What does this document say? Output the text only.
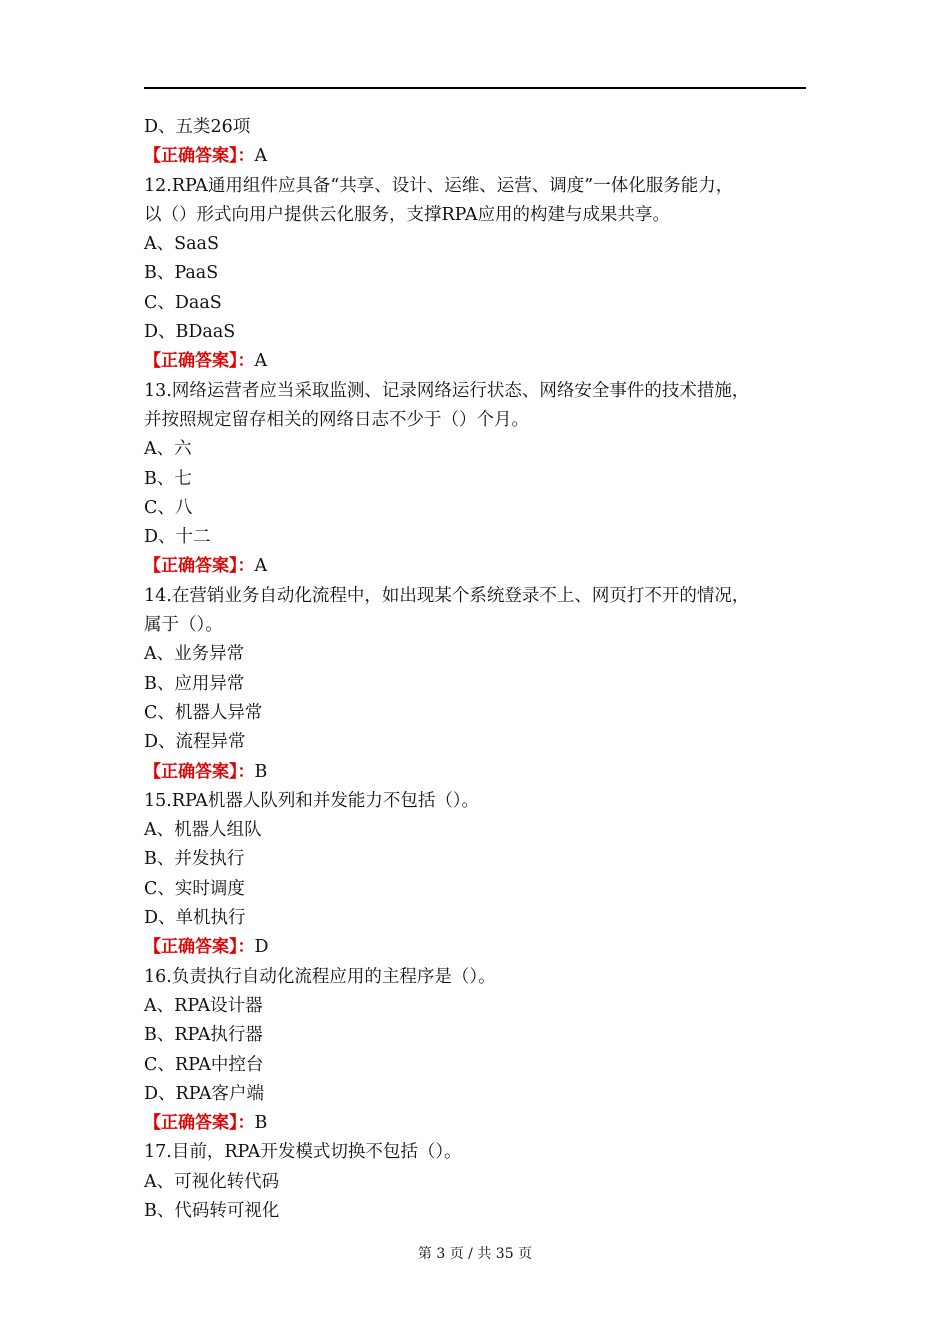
D、五类26项
【正确答案】：A
12.RPA通用组件应具备“共享、设计、运维、运营、调度”一体化服务能力，
以（）形式向用户提供云化服务，支撑RPA应用的构建与成果共享。
A、SaaS
B、PaaS
C、DaaS
D、BDaaS
【正确答案】：A
13.网络运营者应当采取监测、记录网络运行状态、网络安全事件的技术措施，
并按照规定留存相关的网络日志不少于（）个月。
A、六
B、七
C、八
D、十二
【正确答案】：A
14.在营销业务自动化流程中，如出现某个系统登录不上、网页打不开的情况，
属于（）。
A、业务异常
B、应用异常
C、机器人异常
D、流程异常
【正确答案】：B
15.RPA机器人队列和并发能力不包括（）。
A、机器人组队
B、并发执行
C、实时调度
D、单机执行
【正确答案】：D
16.负责执行自动化流程应用的主程序是（）。
A、RPA设计器
B、RPA执行器
C、RPA中控台
D、RPA客户端
【正确答案】：B
17.目前，RPA开发模式切换不包括（）。
A、可视化转代码
B、代码转可视化
第 3 页 / 共 35 页
